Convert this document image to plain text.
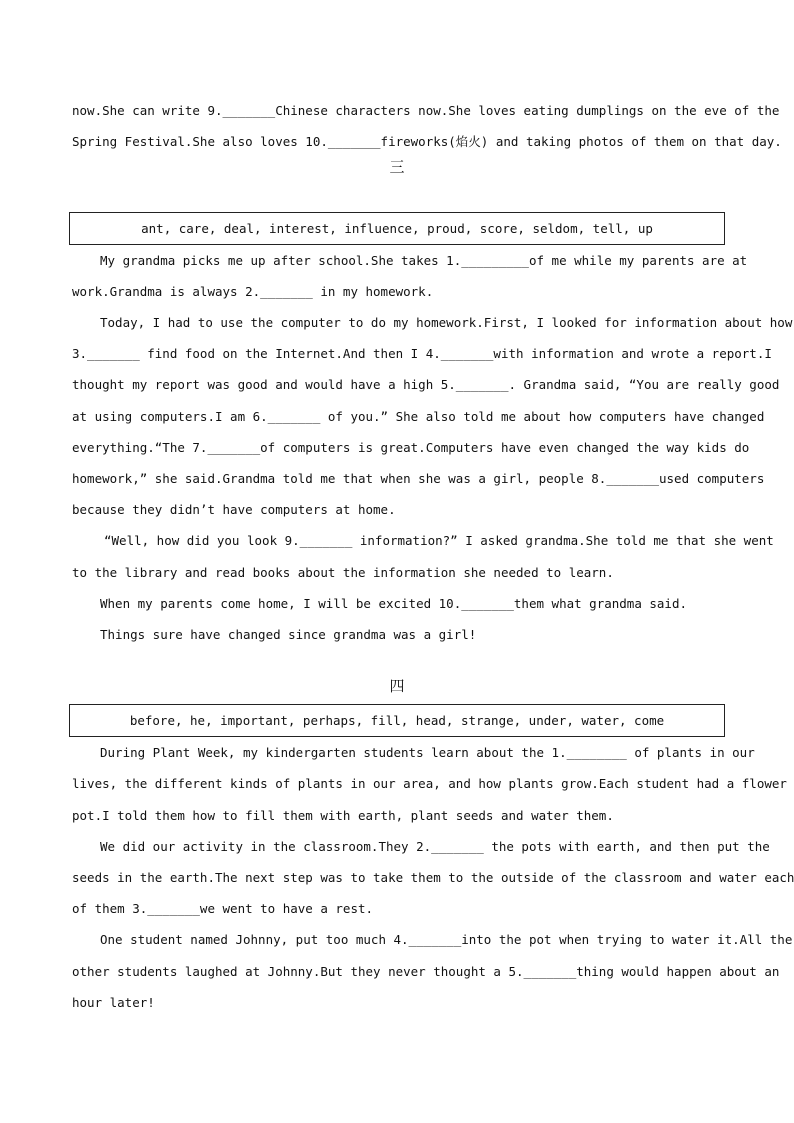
now.She can write 9._______Chinese characters now.She loves eating dumplings on the eve of the
Spring Festival.She also loves 10._______fireworks(焰火) and taking photos of them on that day.
三
ant, care, deal, interest, influence, proud, score, seldom, tell, up
My grandma picks me up after school.She takes 1._________of me while my parents are at
work.Grandma is always 2._______ in my homework.
Today, I had to use the computer to do my homework.First, I looked for information about how
3._______ find food on the Internet.And then I 4._______with information and wrote a report.I
thought my report was good and would have a high 5._______. Grandma said, “You are really good
at using computers.I am 6._______ of you.” She also told me about how computers have changed
everything.“The 7._______of computers is great.Computers have even changed the way kids do
homework,” she said.Grandma told me that when she was a girl, people 8._______used computers
because they didn’t have computers at home.
“Well, how did you look 9._______ information?” I asked grandma.She told me that she went
to the library and read books about the information she needed to learn.
When my parents come home, I will be excited 10._______them what grandma said.
Things sure have changed since grandma was a girl!
四
before, he, important, perhaps, fill, head, strange, under, water, come
During Plant Week, my kindergarten students learn about the 1.________ of plants in our
lives, the different kinds of plants in our area, and how plants grow.Each student had a flower
pot.I told them how to fill them with earth, plant seeds and water them.
We did our activity in the classroom.They 2._______ the pots with earth, and then put the
seeds in the earth.The next step was to take them to the outside of the classroom and water each
of them 3._______we went to have a rest.
One student named Johnny, put too much 4._______into the pot when trying to water it.All the
other students laughed at Johnny.But they never thought a 5._______thing would happen about an
hour later!
